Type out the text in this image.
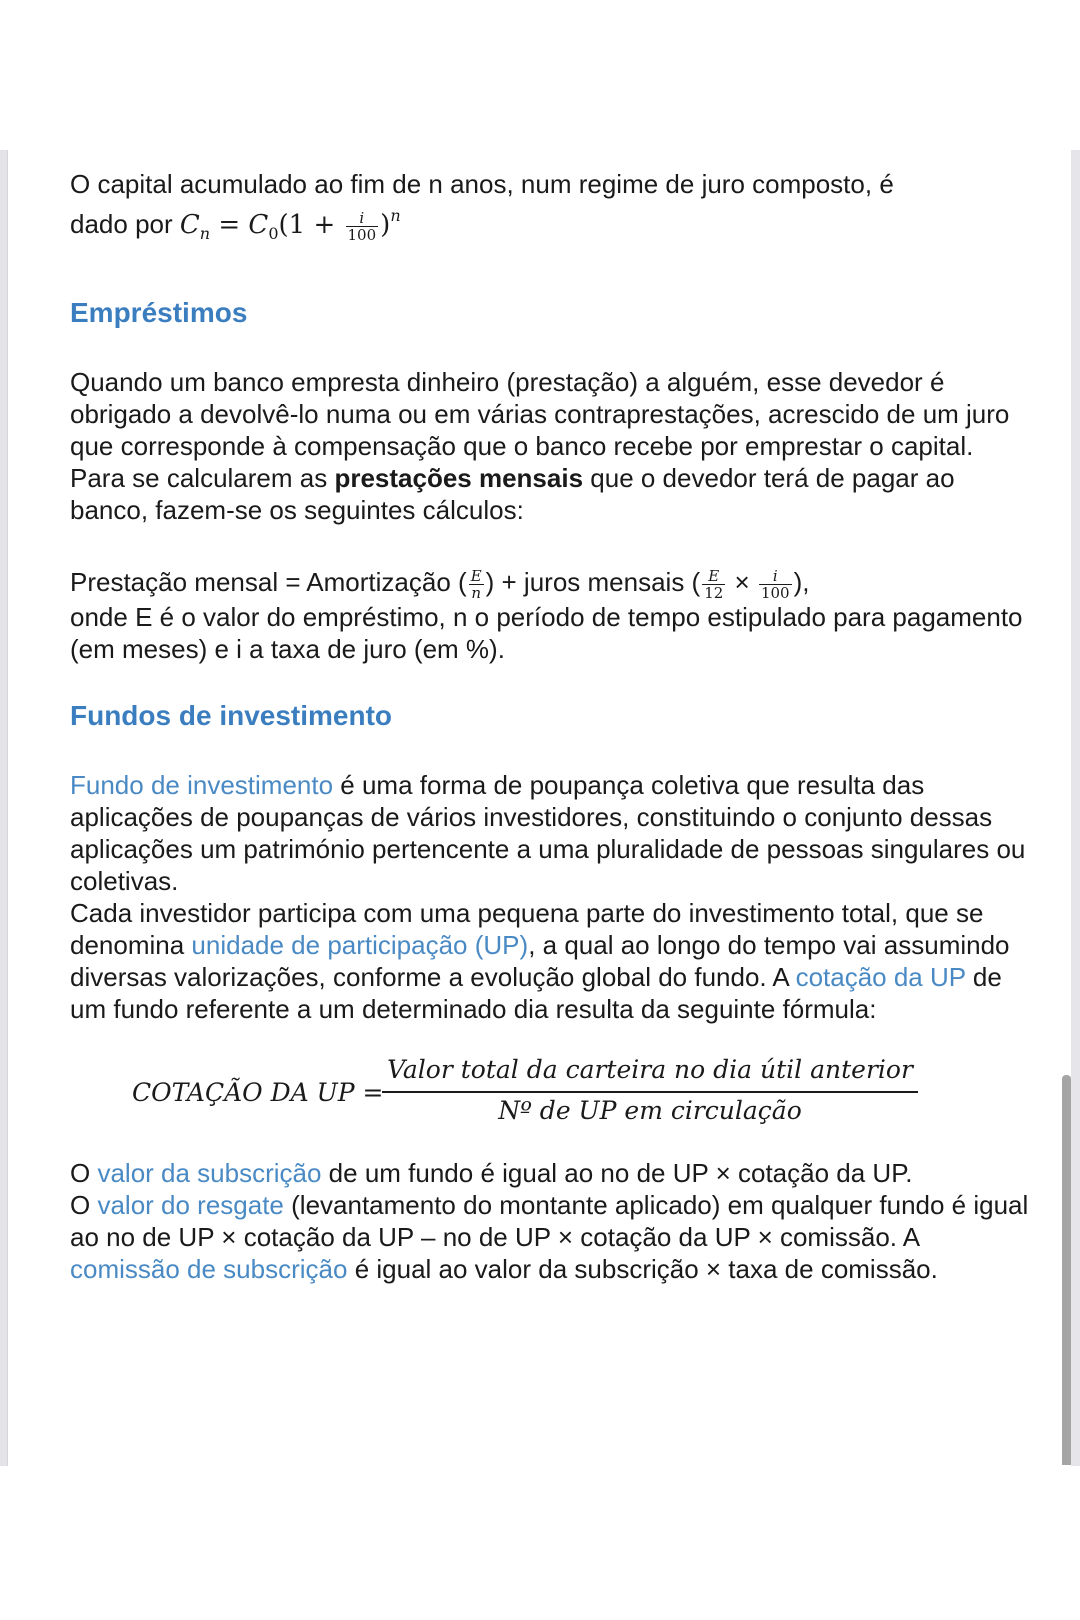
O capital acumulado ao fim de n anos, num regime de juro composto, é
dado por $C_n = C_0(1 + \frac{i}{100} )^n$

Empréstimos

Quando um banco empresta dinheiro (prestação) a alguém, esse devedor é obrigado a devolvê-lo numa ou em várias contraprestações, acrescido de um juro que corresponde à compensação que o banco recebe por emprestar o capital. Para se calcularem as prestações mensais que o devedor terá de pagar ao banco, fazem-se os seguintes cálculos:

Prestação mensal = Amortização ( $\frac{E}{n}$ ) + juros mensais ( $\frac{E}{12} \times \frac{i}{100}$ ),
onde E é o valor do empréstimo, n o período de tempo estipulado para pagamento (em meses) e i a taxa de juro (em %).

Fundos de investimento

Fundo de investimento é uma forma de poupança coletiva que resulta das aplicações de poupanças de vários investidores, constituindo o conjunto dessas aplicações um património pertencente a uma pluralidade de pessoas singulares ou coletivas.

Cada investidor participa com uma pequena parte do investimento total, que se denomina unidade de participação (UP), a qual ao longo do tempo vai assumindo diversas valorizações, conforme a evolução global do fundo. A cotação da UP de um fundo referente a um determinado dia resulta da seguinte fórmula:

COTAÇÃO DA UP =
Valor total da carteira no dia útil anterior
Nº de UP em circulação

O valor da subscrição de um fundo é igual ao no de UP × cotação da UP.
O valor do resgate (levantamento do montante aplicado) em qualquer fundo é igual ao no de UP × cotação da UP – no de UP × cotação da UP × comissão. A comissão de subscrição é igual ao valor da subscrição × taxa de comissão.
